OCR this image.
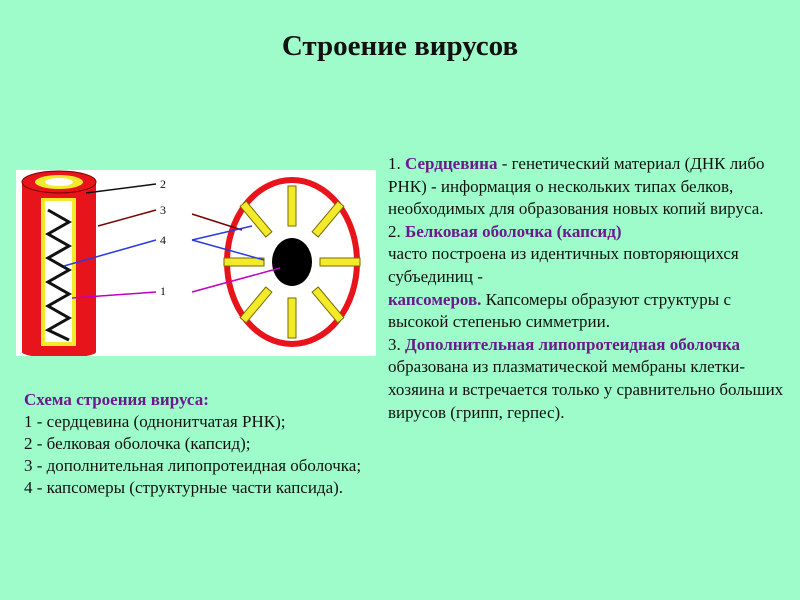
Строение вирусов
2
3
4
1
Схема строения вируса:
1 - сердцевина (однонитчатая РНК);
2 - белковая оболочка (капсид);
3 - дополнительная липопротеидная оболочка;
4 - капсомеры (структурные части капсида).
1. Сердцевина - генетический материал (ДНК либо РНК) - информация о нескольких типах белков, необходимых для образования новых копий вируса.
2. Белковая оболочка (капсид)
часто построена из идентичных повторяющихся субъединиц -
капсомеров. Капсомеры образуют структуры с высокой степенью симметрии.
3. Дополнительная липопротеидная оболочка образована из плазматической мембраны клетки-хозяина и встречается только у сравнительно больших вирусов (грипп, герпес).
